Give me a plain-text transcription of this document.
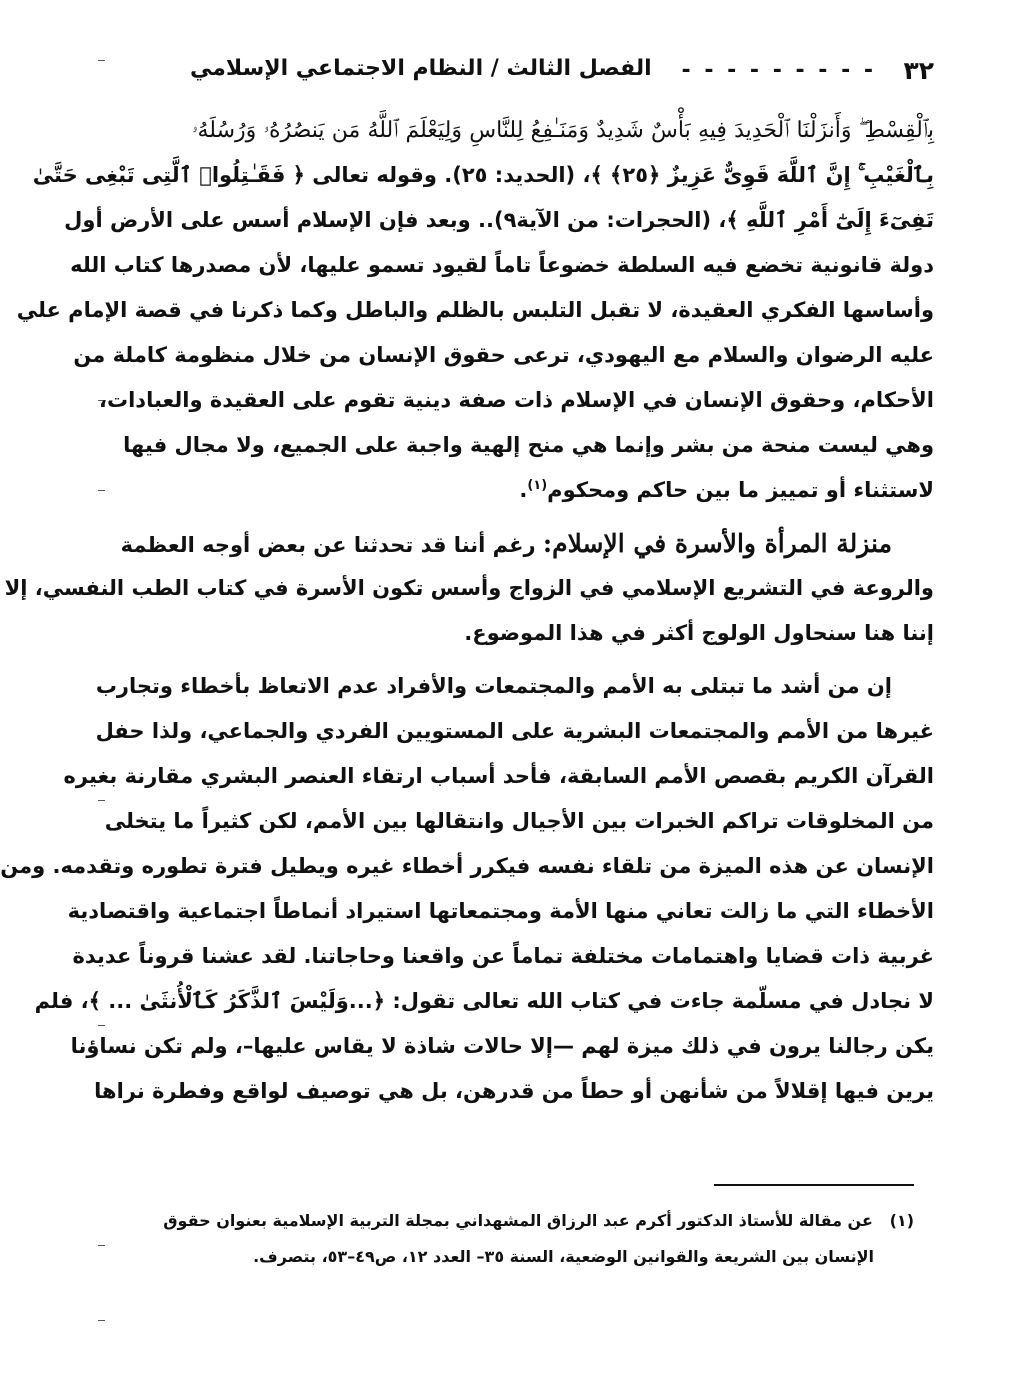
٣٢
- - - - - - - - -
الفصل الثالث / النظام الاجتماعي الإسلامي
بِٱلْقِسْطِ ۖ وَأَنزَلْنَا ٱلْحَدِيدَ فِيهِ بَأْسٌ شَدِيدٌ وَمَنَـٰفِعُ لِلنَّاسِ وَلِيَعْلَمَ ٱللَّهُ مَن يَنصُرُهُۥ وَرُسُلَهُۥ
بِٱلْغَيْبِ ۚ إِنَّ ٱللَّهَ قَوِىٌّ عَزِيزٌ ﴿٢٥﴾ ﴾، (الحديد: ٢٥). وقوله تعالى ﴿ فَقَـٰتِلُوا۟ ٱلَّتِى تَبْغِى حَتَّىٰ
تَفِىٓءَ إِلَىٰٓ أَمْرِ ٱللَّهِ ﴾، (الحجرات: من الآية٩).. وبعد فإن الإسلام أسس على الأرض أول
دولة قانونية تخضع فيه السلطة خضوعاً تاماً لقيود تسمو عليها، لأن مصدرها كتاب الله
وأساسها الفكري العقيدة، لا تقبل التلبس بالظلم والباطل وكما ذكرنا في قصة الإمام علي
عليه الرضوان والسلام مع اليهودي، ترعى حقوق الإنسان من خلال منظومة كاملة من
الأحكام، وحقوق الإنسان في الإسلام ذات صفة دينية تقوم على العقيدة والعبادات،
وهي ليست منحة من بشر وإنما هي منح إلهية واجبة على الجميع، ولا مجال فيها
لاستثناء أو تمييز ما بين حاكم ومحكوم$^{(١)}$.
منزلة المرأة والأسرة في الإسلام: رغم أننا قد تحدثنا عن بعض أوجه العظمة
والروعة في التشريع الإسلامي في الزواج وأسس تكون الأسرة في كتاب الطب النفسي، إلا
إننا هنا سنحاول الولوج أكثر في هذا الموضوع.
إن من أشد ما تبتلى به الأمم والمجتمعات والأفراد عدم الاتعاظ بأخطاء وتجارب
غيرها من الأمم والمجتمعات البشرية على المستويين الفردي والجماعي، ولذا حفل
القرآن الكريم بقصص الأمم السابقة، فأحد أسباب ارتقاء العنصر البشري مقارنة بغيره
من المخلوقات تراكم الخبرات بين الأجيال وانتقالها بين الأمم، لكن كثيراً ما يتخلى
الإنسان عن هذه الميزة من تلقاء نفسه فيكرر أخطاء غيره ويطيل فترة تطوره وتقدمه. ومن
الأخطاء التي ما زالت تعاني منها الأمة ومجتمعاتها استيراد أنماطاً اجتماعية واقتصادية
غربية ذات قضايا واهتمامات مختلفة تماماً عن واقعنا وحاجاتنا. لقد عشنا قروناً عديدة
لا نجادل في مسلّمة جاءت في كتاب الله تعالى تقول: ﴿...وَلَيْسَ ٱلذَّكَرُ كَٱلْأُنثَىٰ ... ﴾، فلم
يكن رجالنا يرون في ذلك ميزة لهم —إلا حالات شاذة لا يقاس عليها–، ولم تكن نساؤنا
يرين فيها إقلالاً من شأنهن أو حطاً من قدرهن، بل هي توصيف لواقع وفطرة نراها
(١)   عن مقالة للأستاذ الدكتور أكرم عبد الرزاق المشهداني بمجلة التربية الإسلامية بعنوان حقوق
الإنسان بين الشريعة والقوانين الوضعية، السنة ٣٥– العدد ١٢، ص٤٩–٥٣، بتصرف.
